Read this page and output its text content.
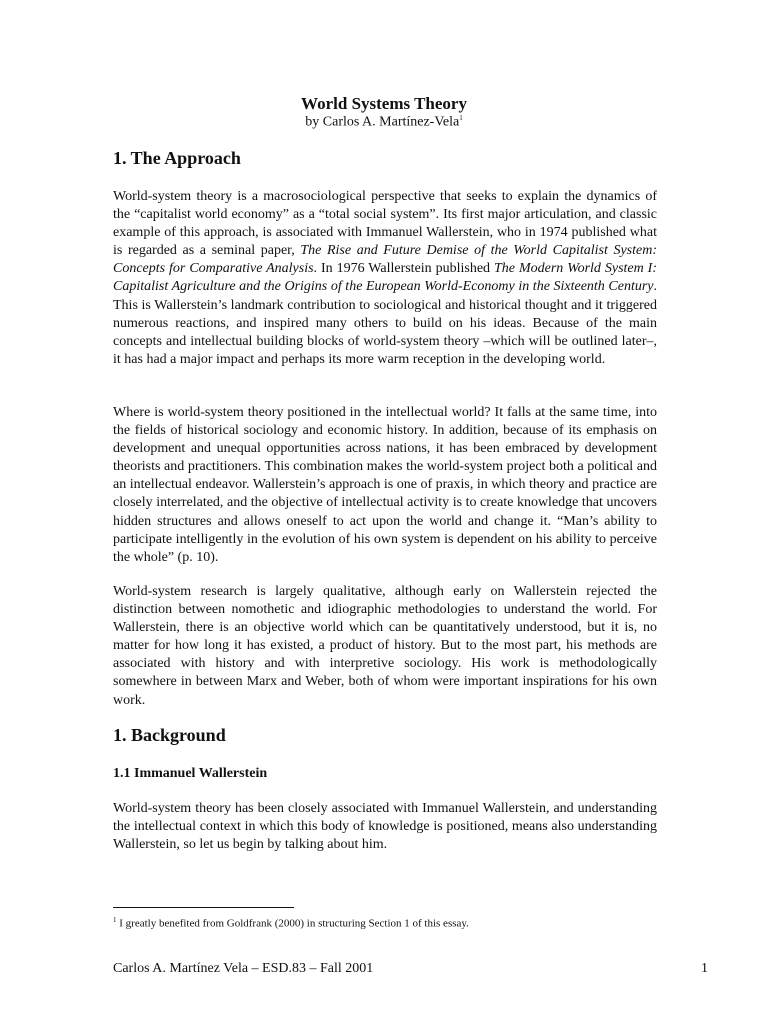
World Systems Theory
by Carlos A. Martínez-Vela$^1$
1. The Approach

World-system theory is a macrosociological perspective that seeks to explain the dynamics of the “capitalist world economy” as a “total social system”. Its first major articulation, and classic example of this approach, is associated with Immanuel Wallerstein, who in 1974 published what is regarded as a seminal paper, The Rise and Future Demise of the World Capitalist System: Concepts for Comparative Analysis. In 1976 Wallerstein published The Modern World System I: Capitalist Agriculture and the Origins of the European World-Economy in the Sixteenth Century. This is Wallerstein’s landmark contribution to sociological and historical thought and it triggered numerous reactions, and inspired many others to build on his ideas. Because of the main concepts and intellectual building blocks of world-system theory –which will be outlined later–, it has had a major impact and perhaps its more warm reception in the developing world.

Where is world-system theory positioned in the intellectual world? It falls at the same time, into the fields of historical sociology and economic history. In addition, because of its emphasis on development and unequal opportunities across nations, it has been embraced by development theorists and practitioners. This combination makes the world-system project both a political and an intellectual endeavor. Wallerstein’s approach is one of praxis, in which theory and practice are closely interrelated, and the objective of intellectual activity is to create knowledge that uncovers hidden structures and allows oneself to act upon the world and change it. “Man’s ability to participate intelligently in the evolution of his own system is dependent on his ability to perceive the whole” (p. 10).

World-system research is largely qualitative, although early on Wallerstein rejected the distinction between nomothetic and idiographic methodologies to understand the world. For Wallerstein, there is an objective world which can be quantitatively understood, but it is, no matter for how long it has existed, a product of history. But to the most part, his methods are associated with history and with interpretive sociology. His work is methodologically somewhere in between Marx and Weber, both of whom were important inspirations for his own work.

1. Background
1.1 Immanuel Wallerstein

World-system theory has been closely associated with Immanuel Wallerstein, and understanding the intellectual context in which this body of knowledge is positioned, means also understanding Wallerstein, so let us begin by talking about him.

$^1$ I greatly benefited from Goldfrank (2000) in structuring Section 1 of this essay.
Carlos A. Martínez Vela – ESD.83 – Fall 2001	1
